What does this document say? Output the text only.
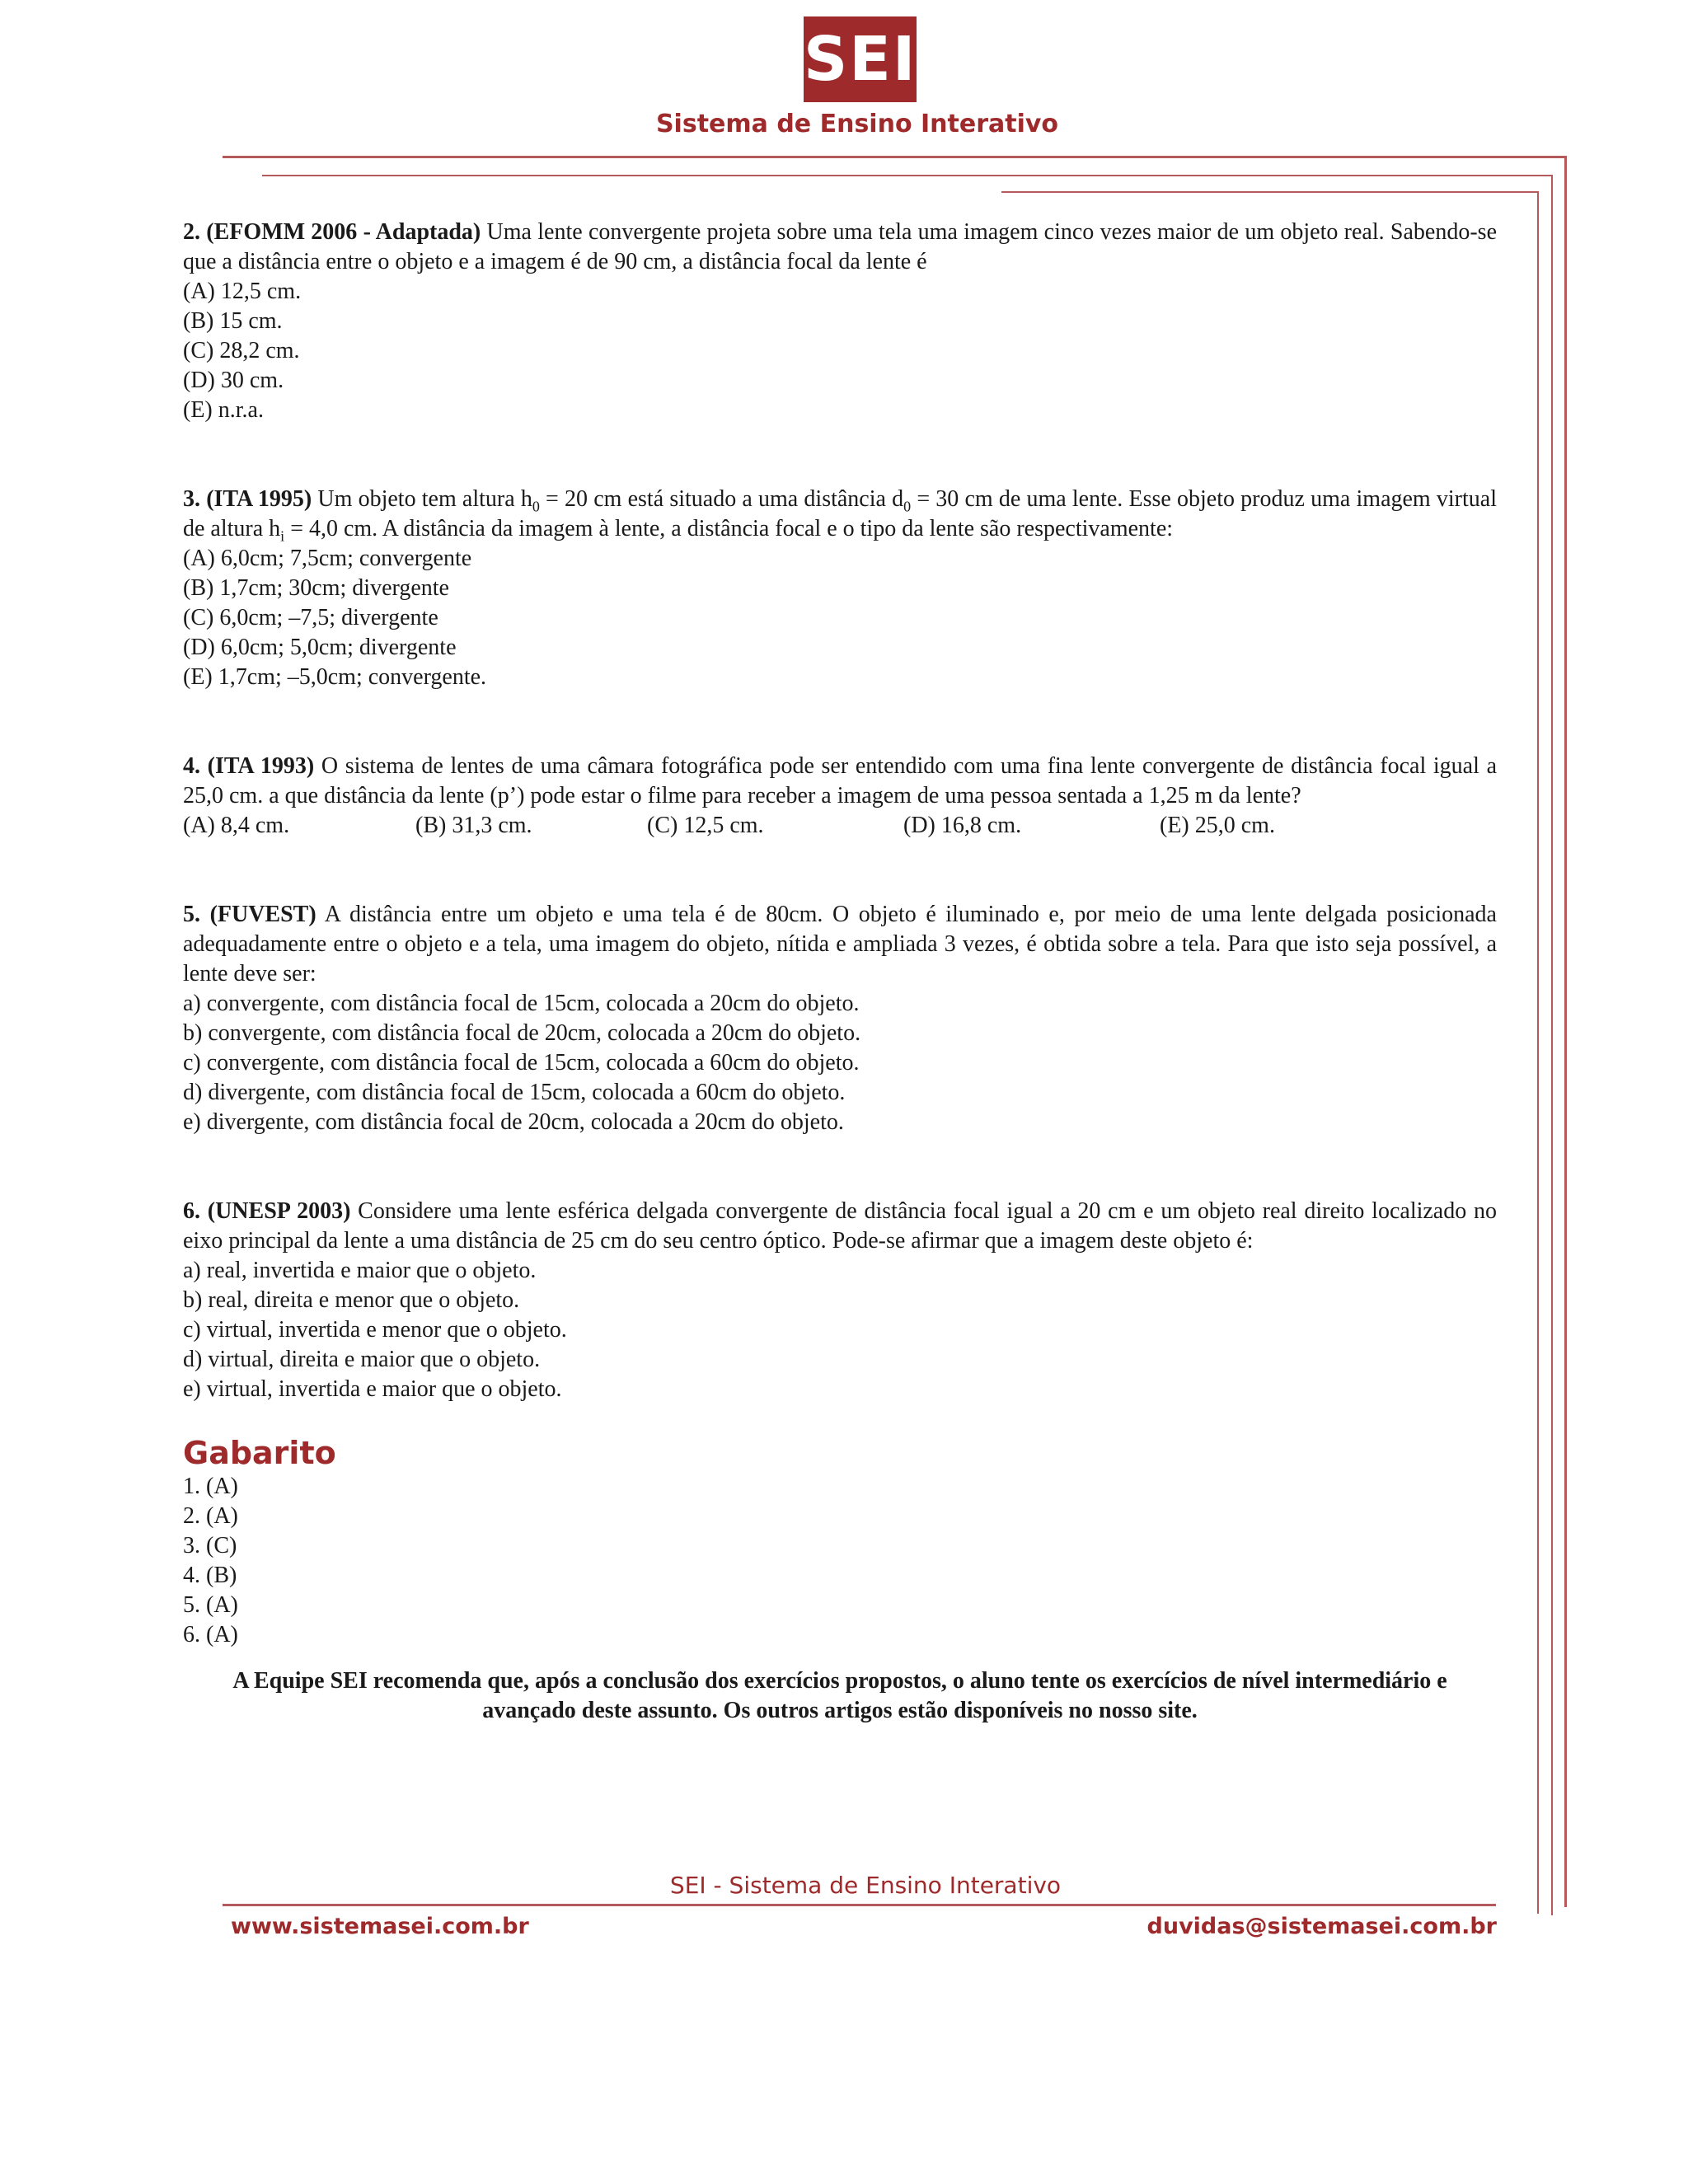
SEI
Sistema de Ensino Interativo

2. (EFOMM 2006 - Adaptada) Uma lente convergente projeta sobre uma tela uma imagem cinco vezes maior de um objeto real. Sabendo-se que a distância entre o objeto e a imagem é de 90 cm, a distância focal da lente é

(A) 12,5 cm.

(B) 15 cm.

(C) 28,2 cm.

(D) 30 cm.

(E) n.r.a.

3. (ITA 1995) Um objeto tem altura $h_0 = 20$ cm está situado a uma distância $d_0 = 30$ cm de uma lente. Esse objeto produz uma imagem virtual de altura $h_i = 4,0$ cm. A distância da imagem à lente, a distância focal e o tipo da lente são respectivamente:

(A) 6,0cm; 7,5cm; convergente

(B) 1,7cm; 30cm; divergente

(C) 6,0cm; –7,5; divergente

(D) 6,0cm; 5,0cm; divergente

(E) 1,7cm; –5,0cm; convergente.

4. (ITA 1993) O sistema de lentes de uma câmara fotográfica pode ser entendido com uma fina lente convergente de distância focal igual a 25,0 cm. a que distância da lente (p’) pode estar o filme para receber a imagem de uma pessoa sentada a 1,25 m da lente?

(A) 8,4 cm.	(B) 31,3 cm.	(C) 12,5 cm.	(D) 16,8 cm.	(E) 25,0 cm.

5. (FUVEST) A distância entre um objeto e uma tela é de 80cm. O objeto é iluminado e, por meio de uma lente delgada posicionada adequadamente entre o objeto e a tela, uma imagem do objeto, nítida e ampliada 3 vezes, é obtida sobre a tela. Para que isto seja possível, a lente deve ser:

a) convergente, com distância focal de 15cm, colocada a 20cm do objeto.

b) convergente, com distância focal de 20cm, colocada a 20cm do objeto.

c) convergente, com distância focal de 15cm, colocada a 60cm do objeto.

d) divergente, com distância focal de 15cm, colocada a 60cm do objeto.

e) divergente, com distância focal de 20cm, colocada a 20cm do objeto.

6. (UNESP 2003) Considere uma lente esférica delgada convergente de distância focal igual a 20 cm e um objeto real direito localizado no eixo principal da lente a uma distância de 25 cm do seu centro óptico. Pode-se afirmar que a imagem deste objeto é:

a) real, invertida e maior que o objeto.

b) real, direita e menor que o objeto.

c) virtual, invertida e menor que o objeto.

d) virtual, direita e maior que o objeto.

e) virtual, invertida e maior que o objeto.

Gabarito

1. (A)

2. (A)

3. (C)

4. (B)

5. (A)

6. (A)

A Equipe SEI recomenda que, após a conclusão dos exercícios propostos, o aluno tente os exercícios de nível intermediário e avançado deste assunto. Os outros artigos estão disponíveis no nosso site.

SEI - Sistema de Ensino Interativo
www.sistemasei.com.br	duvidas@sistemasei.com.br
